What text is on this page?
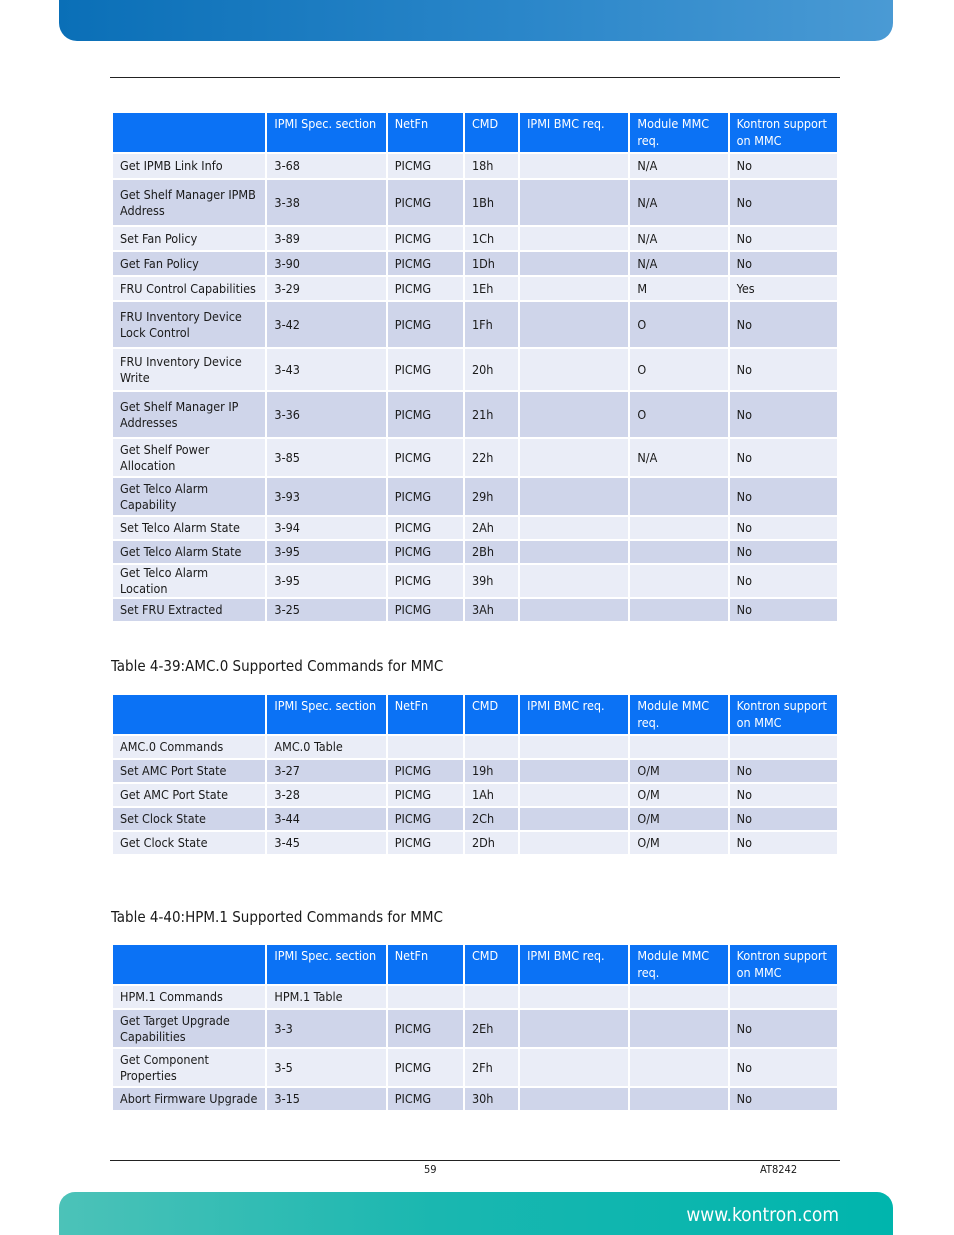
	IPMI Spec. section	NetFn	CMD	IPMI BMC req.	Module MMC req.	Kontron support on MMC
Get IPMB Link Info	3-68	PICMG	18h		N/A	No
Get Shelf Manager IPMB Address	3-38	PICMG	1Bh		N/A	No
Set Fan Policy	3-89	PICMG	1Ch		N/A	No
Get Fan Policy	3-90	PICMG	1Dh		N/A	No
FRU Control Capabilities	3-29	PICMG	1Eh		M	Yes
FRU Inventory Device Lock Control	3-42	PICMG	1Fh		O	No
FRU Inventory Device Write	3-43	PICMG	20h		O	No
Get Shelf Manager IP Addresses	3-36	PICMG	21h		O	No
Get Shelf Power Allocation	3-85	PICMG	22h		N/A	No
Get Telco Alarm Capability	3-93	PICMG	29h			No
Set Telco Alarm State	3-94	PICMG	2Ah			No
Get Telco Alarm State	3-95	PICMG	2Bh			No
Get Telco Alarm Location	3-95	PICMG	39h			No
Set FRU Extracted	3-25	PICMG	3Ah			No
Table 4-39:AMC.0 Supported Commands for MMC
	IPMI Spec. section	NetFn	CMD	IPMI BMC req.	Module MMC req.	Kontron support on MMC
AMC.0 Commands	AMC.0 Table					
Set AMC Port State	3-27	PICMG	19h		O/M	No
Get AMC Port State	3-28	PICMG	1Ah		O/M	No
Set Clock State	3-44	PICMG	2Ch		O/M	No
Get Clock State	3-45	PICMG	2Dh		O/M	No
Table 4-40:HPM.1 Supported Commands for MMC
	IPMI Spec. section	NetFn	CMD	IPMI BMC req.	Module MMC req.	Kontron support on MMC
HPM.1 Commands	HPM.1 Table					
Get Target Upgrade Capabilities	3-3	PICMG	2Eh			No
Get Component Properties	3-5	PICMG	2Fh			No
Abort Firmware Upgrade	3-15	PICMG	30h			No
59	AT8242
www.kontron.com
